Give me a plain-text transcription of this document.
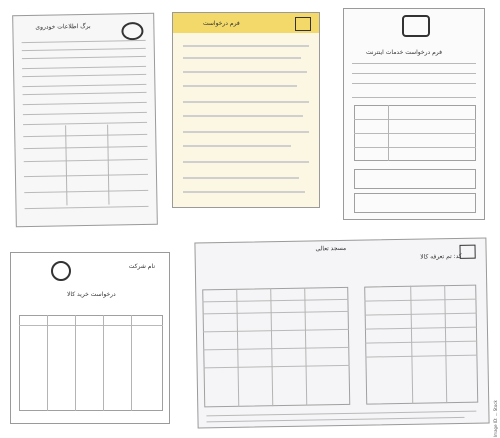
برگ اطلاعات خودروی	فرم درخواست
فرم درخواست خدمات اینترنت
نام شرکت
درخواست خرید کالا
مسجد تعالی
کد: تم تعرفه کالا
Image ID: ... Stock
